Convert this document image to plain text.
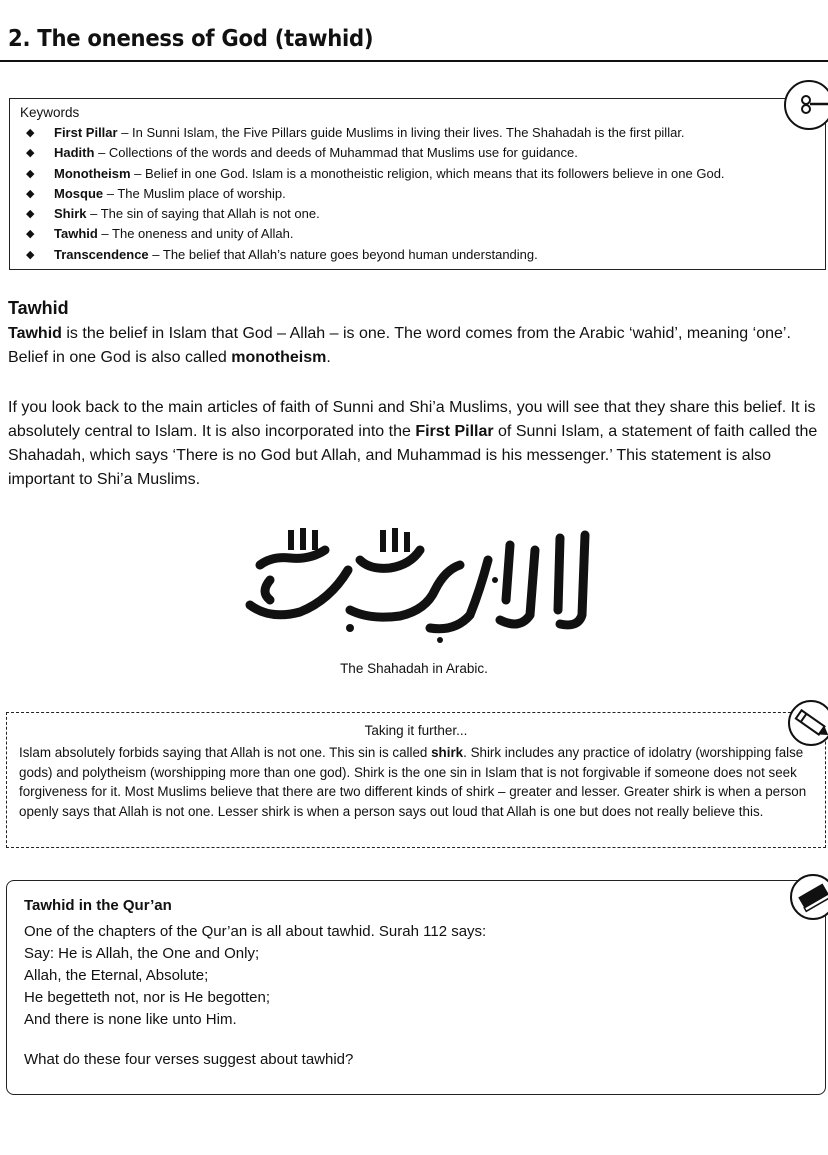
2. The oneness of God (tawhid)
Keywords
◆	First Pillar – In Sunni Islam, the Five Pillars guide Muslims in living their lives. The Shahadah is the first pillar.
◆	Hadith – Collections of the words and deeds of Muhammad that Muslims use for guidance.
◆	Monotheism – Belief in one God. Islam is a monotheistic religion, which means that its followers believe in one God.
◆	Mosque – The Muslim place of worship.
◆	Shirk – The sin of saying that Allah is not one.
◆	Tawhid – The oneness and unity of Allah.
◆	Transcendence – The belief that Allah’s nature goes beyond human understanding.
Tawhid

Tawhid is the belief in Islam that God – Allah – is one. The word comes from the Arabic ‘wahid’, meaning ‘one’. Belief in one God is also called monotheism.

If you look back to the main articles of faith of Sunni and Shi’a Muslims, you will see that they share this belief. It is absolutely central to Islam. It is also incorporated into the First Pillar of Sunni Islam, a statement of faith called the Shahadah, which says ‘There is no God but Allah, and Muhammad is his messenger.’ This statement is also important to Shi’a Muslims.

The Shahadah in Arabic.
Taking it further...

Islam absolutely forbids saying that Allah is not one. This sin is called shirk. Shirk includes any practice of idolatry (worshipping false gods) and polytheism (worshipping more than one god). Shirk is the one sin in Islam that is not forgivable if someone does not seek forgiveness for it. Most Muslims believe that there are two different kinds of shirk – greater and lesser. Greater shirk is when a person openly says that Allah is not one. Lesser shirk is when a person says out loud that Allah is one but does not really believe this.

Tawhid in the Qur’an
One of the chapters of the Qur’an is all about tawhid. Surah 112 says:
Say: He is Allah, the One and Only;
Allah, the Eternal, Absolute;
He begetteth not, nor is He begotten;
And there is none like unto Him.
What do these four verses suggest about tawhid?
